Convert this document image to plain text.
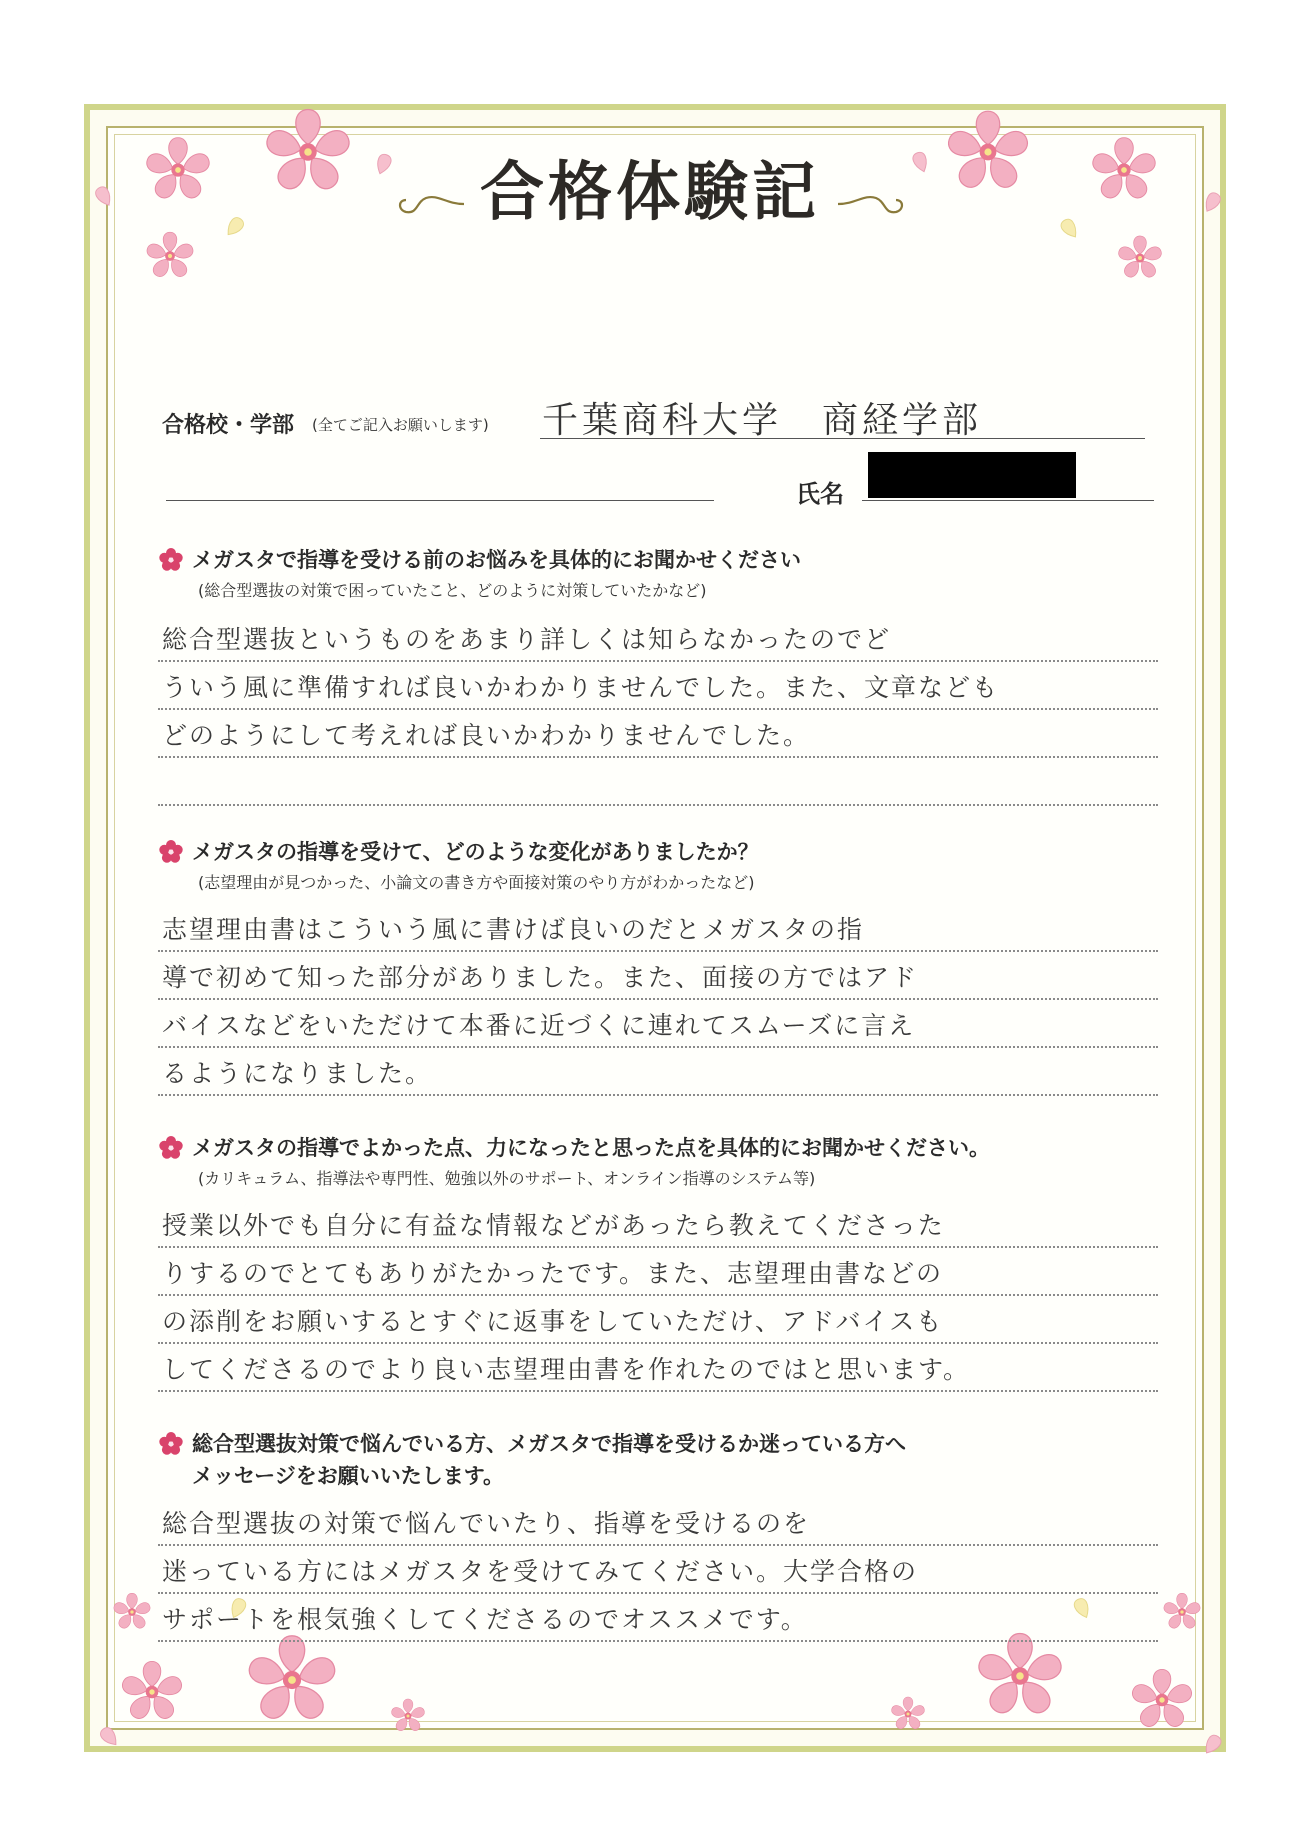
合格体験記
合格校・学部 (全てご記入お願いします) 千葉商科大学　商経学部
氏名
メガスタで指導を受ける前のお悩みを具体的にお聞かせください
(総合型選抜の対策で困っていたこと、どのように対策していたかなど)
総合型選抜というものをあまり詳しくは知らなかったのでど
ういう風に準備すれば良いかわかりませんでした。また、文章なども
どのようにして考えれば良いかわかりませんでした。
メガスタの指導を受けて、どのような変化がありましたか？
(志望理由が見つかった、小論文の書き方や面接対策のやり方がわかったなど)
志望理由書はこういう風に書けば良いのだとメガスタの指
導で初めて知った部分がありました。また、面接の方ではアド
バイスなどをいただけて本番に近づくに連れてスムーズに言え
るようになりました。
メガスタの指導でよかった点、力になったと思った点を具体的にお聞かせください。
(カリキュラム、指導法や専門性、勉強以外のサポート、オンライン指導のシステム等)
授業以外でも自分に有益な情報などがあったら教えてくださった
りするのでとてもありがたかったです。また、志望理由書などの
の添削をお願いするとすぐに返事をしていただけ、アドバイスも
してくださるのでより良い志望理由書を作れたのではと思います。
総合型選抜対策で悩んでいる方、メガスタで指導を受けるか迷っている方へ
メッセージをお願いいたします。
総合型選抜の対策で悩んでいたり、指導を受けるのを
迷っている方にはメガスタを受けてみてください。大学合格の
サポートを根気強くしてくださるのでオススメです。
